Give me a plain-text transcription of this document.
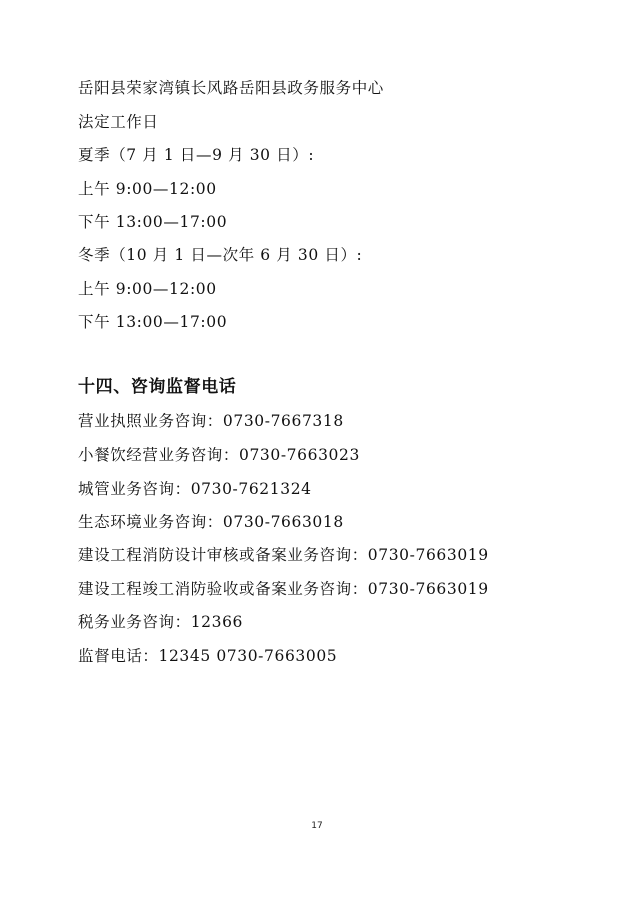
岳阳县荣家湾镇长风路岳阳县政务服务中心
法定工作日
夏季（7 月 1 日—9 月 30 日）:
上午 9:00—12:00
下午 13:00—17:00
冬季（10 月 1 日—次年 6 月 30 日）:
上午 9:00—12:00
下午 13:00—17:00
十四、咨询监督电话
营业执照业务咨询：0730-7667318
小餐饮经营业务咨询：0730-7663023
城管业务咨询：0730-7621324
生态环境业务咨询：0730-7663018
建设工程消防设计审核或备案业务咨询：0730-7663019
建设工程竣工消防验收或备案业务咨询：0730-7663019
税务业务咨询：12366
监督电话：12345 0730-7663005
17
